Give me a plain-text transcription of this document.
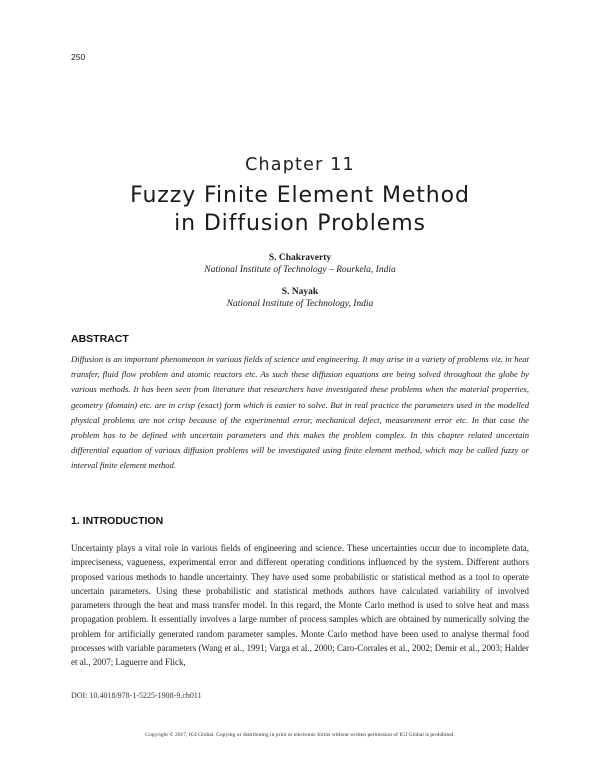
250
Chapter 11
Fuzzy Finite Element Method
in Diffusion Problems
S. Chakraverty
National Institute of Technology – Rourkela, India
S. Nayak
National Institute of Technology, India
ABSTRACT
Diffusion is an important phenomenon in various fields of science and engineering. It may arise in a variety of problems viz. in heat transfer, fluid flow problem and atomic reactors etc. As such these diffusion equations are being solved throughout the globe by various methods. It has been seen from literature that researchers have investigated these problems when the material properties, geometry (domain) etc. are in crisp (exact) form which is easier to solve. But in real practice the parameters used in the modelled physical problems are not crisp because of the experimental error, mechanical defect, measurement error etc. In that case the problem has to be defined with uncertain parameters and this makes the problem complex. In this chapter related uncertain differential equation of various diffusion problems will be investigated using finite element method, which may be called fuzzy or interval finite element method.
1. INTRODUCTION
Uncertainty plays a vital role in various fields of engineering and science. These uncertainties occur due to incomplete data, impreciseness, vagueness, experimental error and different operating conditions influenced by the system. Different authors proposed various methods to handle uncertainty. They have used some probabilistic or statistical method as a tool to operate uncertain parameters. Using these probabilistic and statistical methods authors have calculated variability of involved parameters through the heat and mass transfer model. In this regard, the Monte Carlo method is used to solve heat and mass propagation problem. It essentially involves a large number of process samples which are obtained by numerically solving the problem for artificially generated random parameter samples. Monte Carlo method have been used to analyse thermal food processes with variable parameters (Wang et al., 1991; Varga et al., 2000; Caro-Corrales et al., 2002; Demir et al., 2003; Halder et al., 2007; Laguerre and Flick,
DOI: 10.4018/978-1-5225-1908-9.ch011
Copyright © 2017, IGI Global. Copying or distributing in print or electronic forms without written permission of IGI Global is prohibited.
